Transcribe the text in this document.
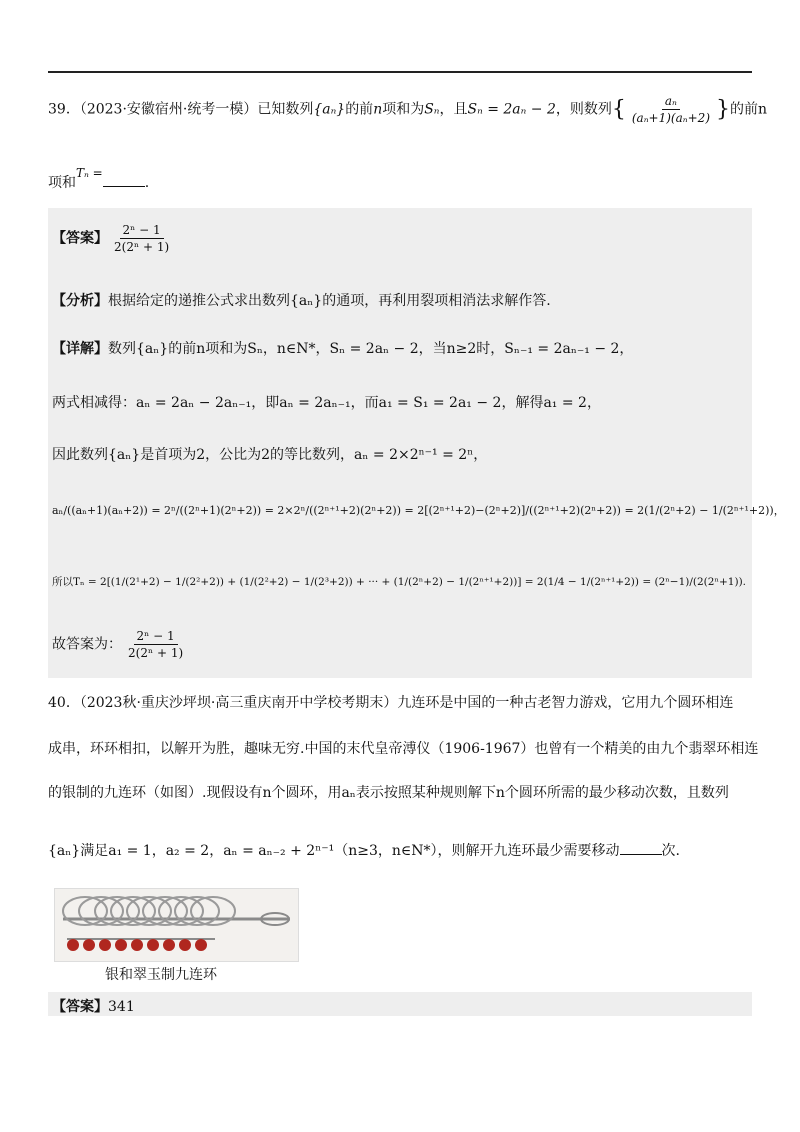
39．（2023·安徽宿州·统考一模）已知数列{aₙ}的前n项和为Sₙ，且Sₙ = 2aₙ − 2，则数列{ $\frac{\text{aₙ}}{\text{(aₙ+1)(aₙ+2)}}$ }的前n
项和Tₙ =.
【答案】 $\frac{\text{2ⁿ − 1}}{\text{2(2ⁿ + 1)}}$
【分析】根据给定的递推公式求出数列{aₙ}的通项，再利用裂项相消法求解作答.
【详解】数列{aₙ}的前n项和为Sₙ，n∈N*，Sₙ = 2aₙ − 2，当n≥2时，Sₙ₋₁ = 2aₙ₋₁ − 2，
两式相减得：aₙ = 2aₙ − 2aₙ₋₁，即aₙ = 2aₙ₋₁，而a₁ = S₁ = 2a₁ − 2，解得a₁ = 2，
因此数列{aₙ}是首项为2，公比为2的等比数列，aₙ = 2×2ⁿ⁻¹ = 2ⁿ，
aₙ/((aₙ+1)(aₙ+2)) = 2ⁿ/((2ⁿ+1)(2ⁿ+2)) = 2×2ⁿ/((2ⁿ⁺¹+2)(2ⁿ+2)) = 2[(2ⁿ⁺¹+2)−(2ⁿ+2)]/((2ⁿ⁺¹+2)(2ⁿ+2)) = 2(1/(2ⁿ+2) − 1/(2ⁿ⁺¹+2))，
所以Tₙ = 2[(1/(2¹+2) − 1/(2²+2)) + (1/(2²+2) − 1/(2³+2)) + ··· + (1/(2ⁿ+2) − 1/(2ⁿ⁺¹+2))] = 2(1/4 − 1/(2ⁿ⁺¹+2)) = (2ⁿ−1)/(2(2ⁿ+1)).
故答案为： $\frac{\text{2ⁿ − 1}}{\text{2(2ⁿ + 1)}}$
40．（2023秋·重庆沙坪坝·高三重庆南开中学校考期末）九连环是中国的一种古老智力游戏，它用九个圆环相连
成串，环环相扣，以解开为胜，趣味无穷.中国的末代皇帝溥仪（1906-1967）也曾有一个精美的由九个翡翠环相连
的银制的九连环（如图）.现假设有n个圆环，用aₙ表示按照某种规则解下n个圆环所需的最少移动次数，且数列
{aₙ}满足a₁ = 1，a₂ = 2，aₙ = aₙ₋₂ + 2ⁿ⁻¹（n≥3，n∈N*），则解开九连环最少需要移动	次.
银和翠玉制九连环
【答案】341
